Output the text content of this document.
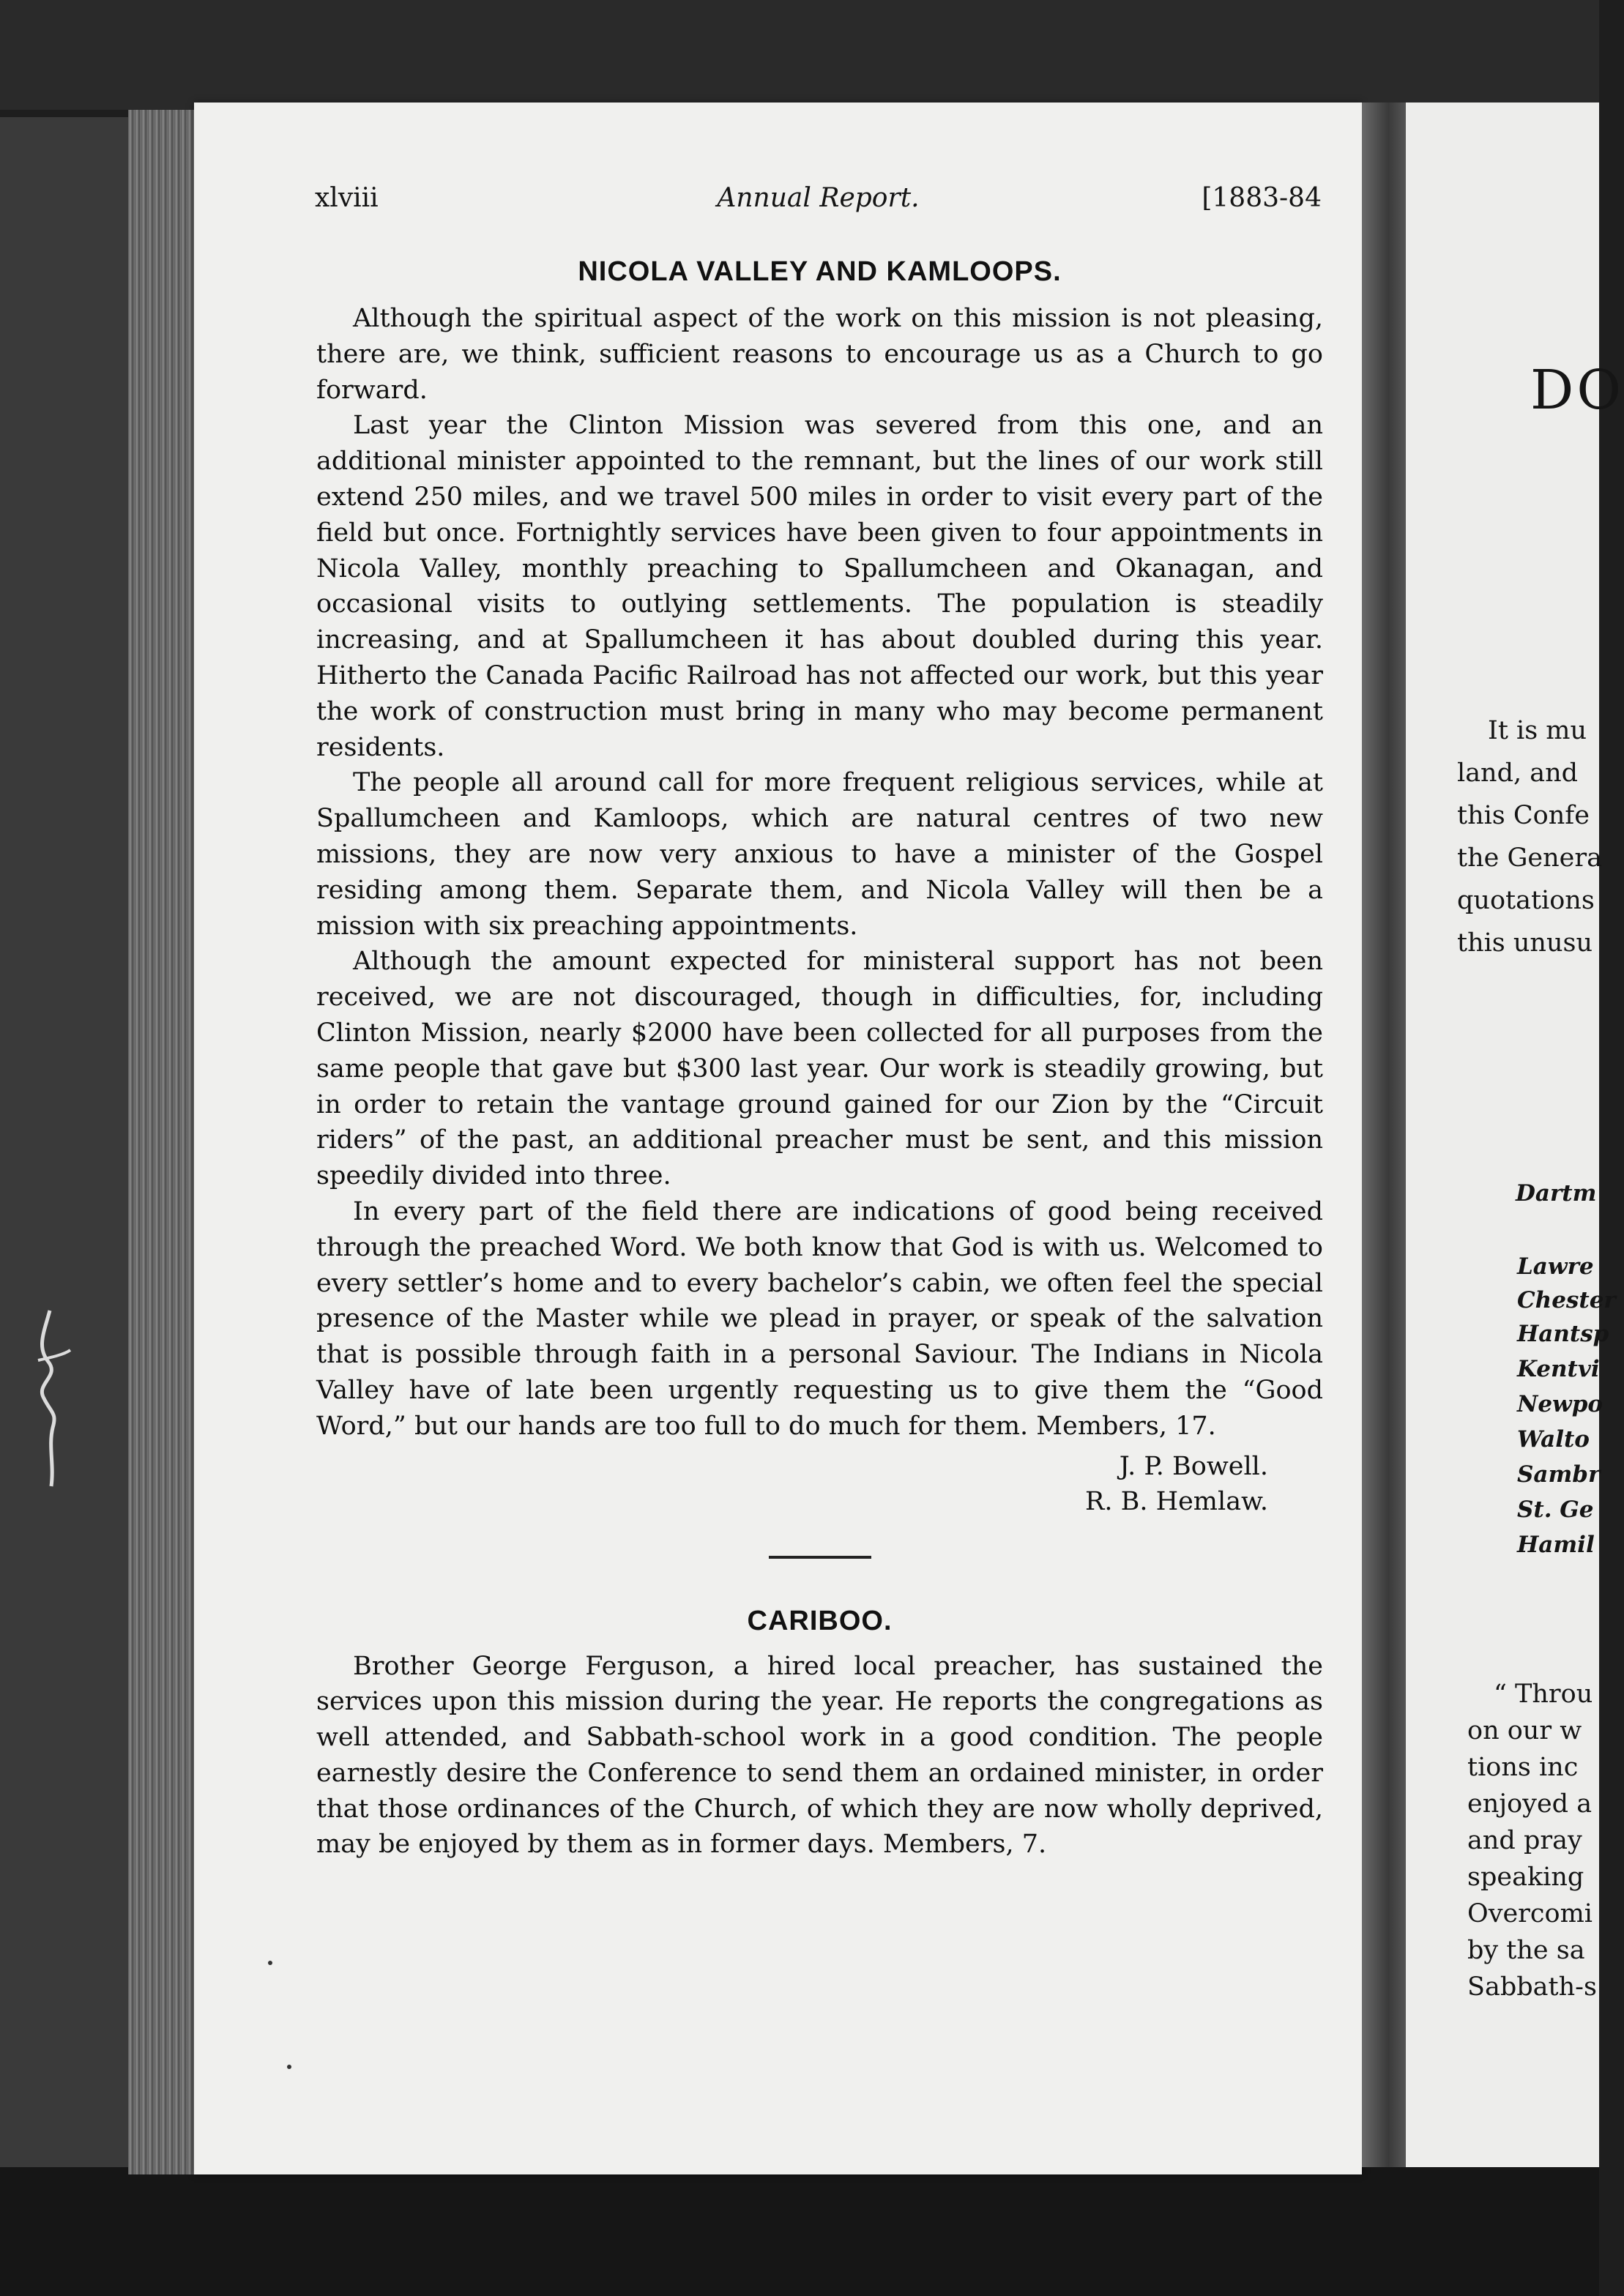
xlviii	Annual Report.	[1883-84
NICOLA VALLEY AND KAMLOOPS.

Although the spiritual aspect of the work on this mission is not pleasing, there are, we think, sufficient reasons to encourage us as a Church to go forward.

Last year the Clinton Mission was severed from this one, and an additional minister appointed to the remnant, but the lines of our work still extend 250 miles, and we travel 500 miles in order to visit every part of the field but once. Fortnightly services have been given to four appointments in Nicola Valley, monthly preaching to Spallumcheen and Okanagan, and occasional visits to outlying settlements. The population is steadily increasing, and at Spallumcheen it has about doubled during this year. Hitherto the Canada Pacific Railroad has not affected our work, but this year the work of construction must bring in many who may become permanent residents.

The people all around call for more frequent religious services, while at Spallumcheen and Kamloops, which are natural centres of two new missions, they are now very anxious to have a minister of the Gospel residing among them. Separate them, and Nicola Valley will then be a mission with six preaching appointments.

Although the amount expected for ministeral support has not been received, we are not discouraged, though in difficulties, for, including Clinton Mission, nearly $2000 have been collected for all purposes from the same people that gave but $300 last year. Our work is steadily growing, but in order to retain the vantage ground gained for our Zion by the “Circuit riders” of the past, an additional preacher must be sent, and this mission speedily divided into three.

In every part of the field there are indications of good being received through the preached Word. We both know that God is with us. Welcomed to every settler’s home and to every bachelor’s cabin, we often feel the special presence of the Master while we plead in prayer, or speak of the salvation that is possible through faith in a personal Saviour. The Indians in Nicola Valley have of late been urgently requesting us to give them the “Good Word,” but our hands are too full to do much for them. Members, 17.

J. P. Bowell.
R. B. Hemlaw.
CARIBOO.

Brother George Ferguson, a hired local preacher, has sustained the services upon this mission during the year. He reports the congregations as well attended, and Sabbath-school work in a good condition. The people earnestly desire the Conference to send them an ordained minister, in order that those ordinances of the Church, of which they are now wholly deprived, may be enjoyed by them as in former days. Members, 7.

DO
It is mu
land, and
this Confe
the Genera
quotations
this unusu
Dartm
Lawre
Chester
Hantsp
Kentvi
Newpo
Walto
Sambr
St. Ge
Hamil
“ Throu
on our w
tions inc
enjoyed a
and pray
speaking
Overcomi
by the sa
Sabbath-s
